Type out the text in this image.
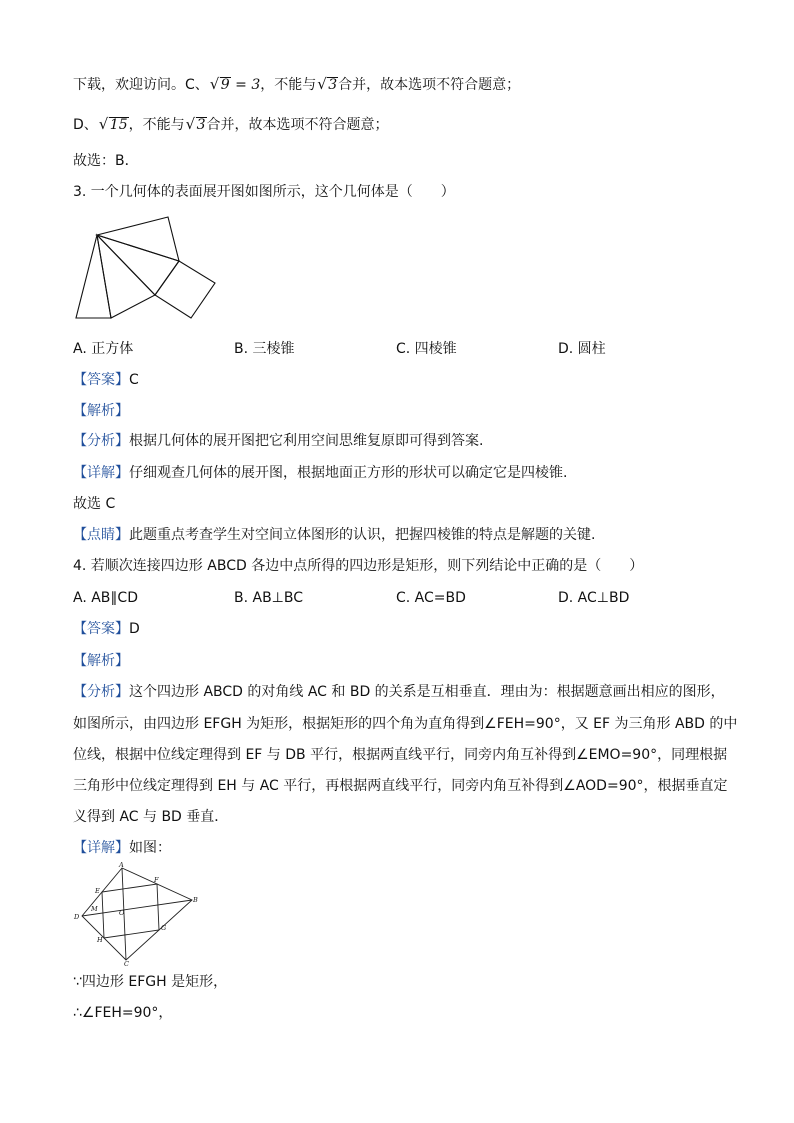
下载，欢迎访问。C、 √ 9 = 3，不能与 √ 3合并，故本选项不符合题意；
D、 √ 15，不能与 √ 3合并，故本选项不符合题意；
故选：B．
3. 一个几何体的表面展开图如图所示，这个几何体是（　　）
A. 正方体	B. 三棱锥	C. 四棱锥	D. 圆柱
【答案】C
【解析】
【分析】根据几何体的展开图把它利用空间思维复原即可得到答案.
【详解】仔细观查几何体的展开图，根据地面正方形的形状可以确定它是四棱锥.
故选 C
【点睛】此题重点考查学生对空间立体图形的认识，把握四棱锥的特点是解题的关键.
4. 若顺次连接四边形 ABCD 各边中点所得的四边形是矩形，则下列结论中正确的是（　　）
A. AB∥CD	B. AB⊥BC	C. AC=BD	D. AC⊥BD
【答案】D
【解析】
【分析】这个四边形 ABCD 的对角线 AC 和 BD 的关系是互相垂直．理由为：根据题意画出相应的图形，
如图所示，由四边形 EFGH 为矩形，根据矩形的四个角为直角得到∠FEH=90°，又 EF 为三角形 ABD 的中
位线，根据中位线定理得到 EF 与 DB 平行，根据两直线平行，同旁内角互补得到∠EMO=90°，同理根据
三角形中位线定理得到 EH 与 AC 平行，再根据两直线平行，同旁内角互补得到∠AOD=90°，根据垂直定
义得到 AC 与 BD 垂直．
【详解】如图：
A
B
C
D
E
F
G
H
M	O
∵四边形 EFGH 是矩形，
∴∠FEH=90°，
